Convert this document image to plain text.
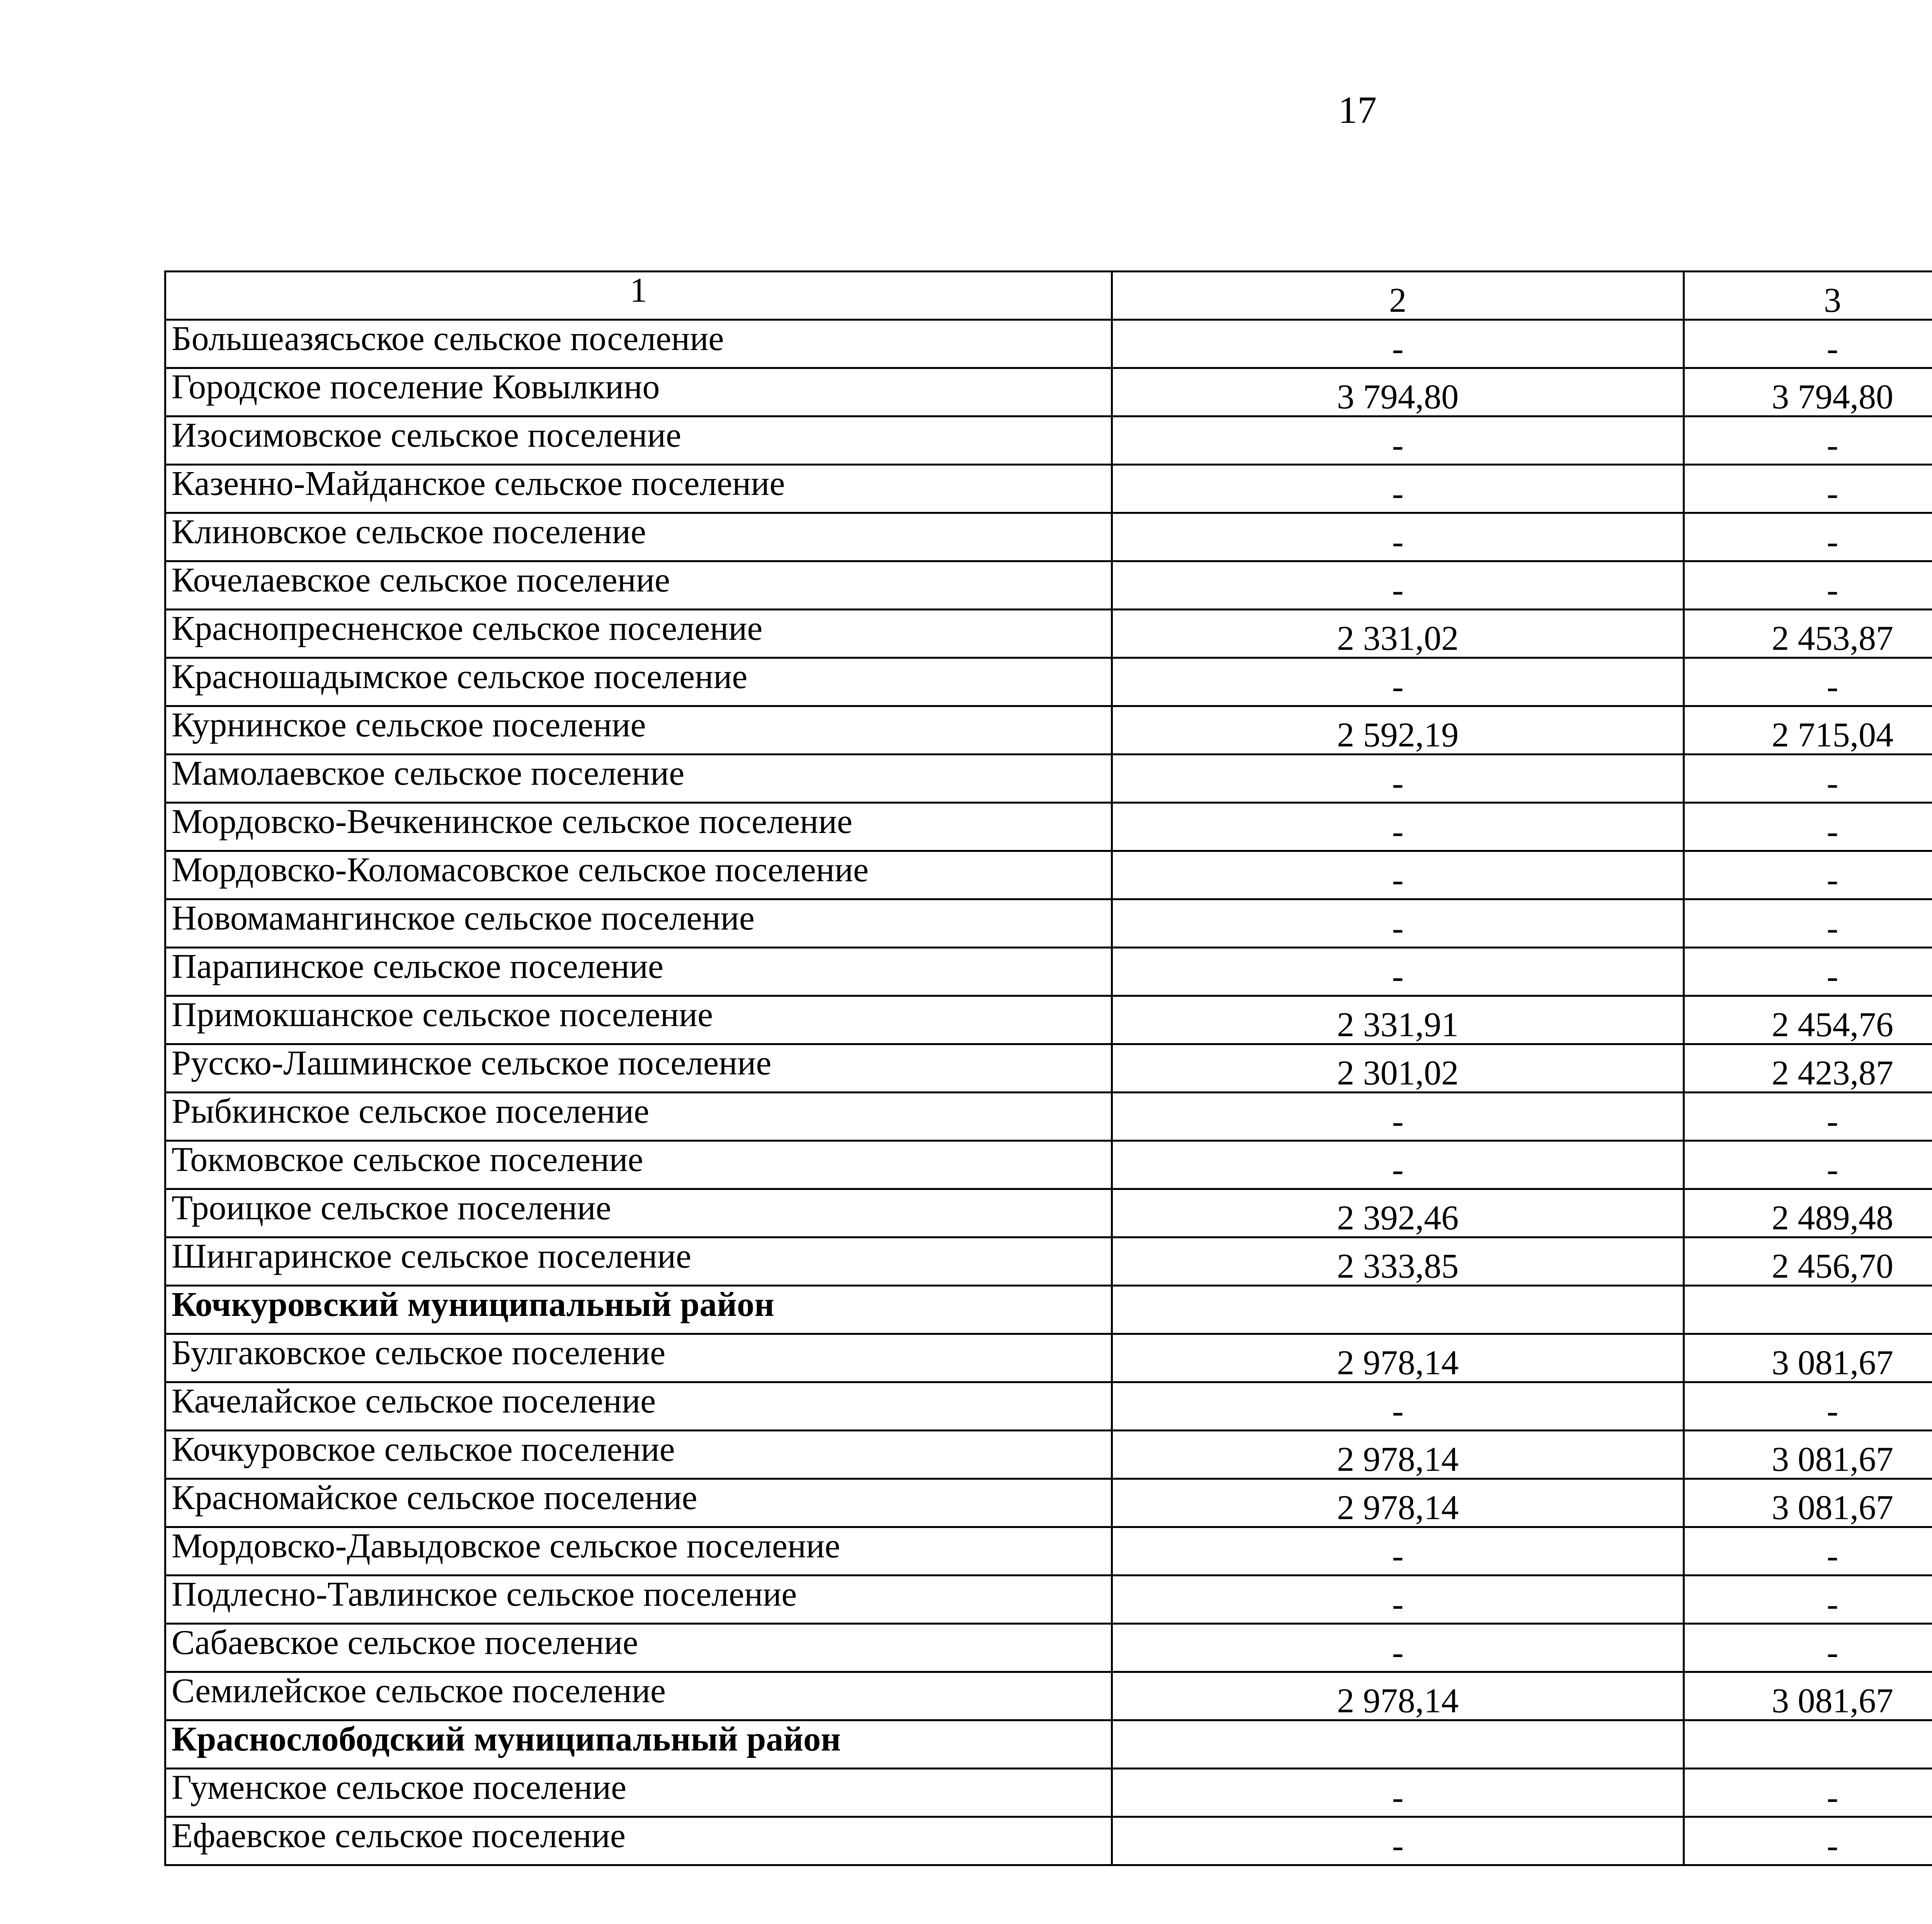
17
1	2	3		
Большеазясьское сельское поселение	-	-		
Городское поселение Ковылкино	3 794,80	3 794,80		
Изосимовское сельское поселение	-	-		
Казенно-Майданское сельское поселение	-	-		
Клиновское сельское поселение	-	-		
Кочелаевское сельское поселение	-	-		
Краснопресненское сельское поселение	2 331,02	2 453,87		
Красношадымское сельское поселение	-	-		
Курнинское сельское поселение	2 592,19	2 715,04		
Мамолаевское сельское поселение	-	-		
Мордовско-Вечкенинское сельское поселение	-	-		
Мордовско-Коломасовское сельское поселение	-	-		
Новомамангинское сельское поселение	-	-		
Парапинское сельское поселение	-	-		
Примокшанское сельское поселение	2 331,91	2 454,76		
Русско-Лашминское сельское поселение	2 301,02	2 423,87		
Рыбкинское сельское поселение	-	-		
Токмовское сельское поселение	-	-		
Троицкое сельское поселение	2 392,46	2 489,48		
Шингаринское сельское поселение	2 333,85	2 456,70		
Кочкуровский муниципальный район				
Булгаковское сельское поселение	2 978,14	3 081,67		
Качелайское сельское поселение	-	-		
Кочкуровское сельское поселение	2 978,14	3 081,67		
Красномайское сельское поселение	2 978,14	3 081,67		
Мордовско-Давыдовское сельское поселение	-	-		
Подлесно-Тавлинское сельское поселение	-	-		
Сабаевское сельское поселение	-	-		
Семилейское сельское поселение	2 978,14	3 081,67		
Краснослободский муниципальный район				
Гуменское сельское поселение	-	-		
Ефаевское сельское поселение	-	-		
